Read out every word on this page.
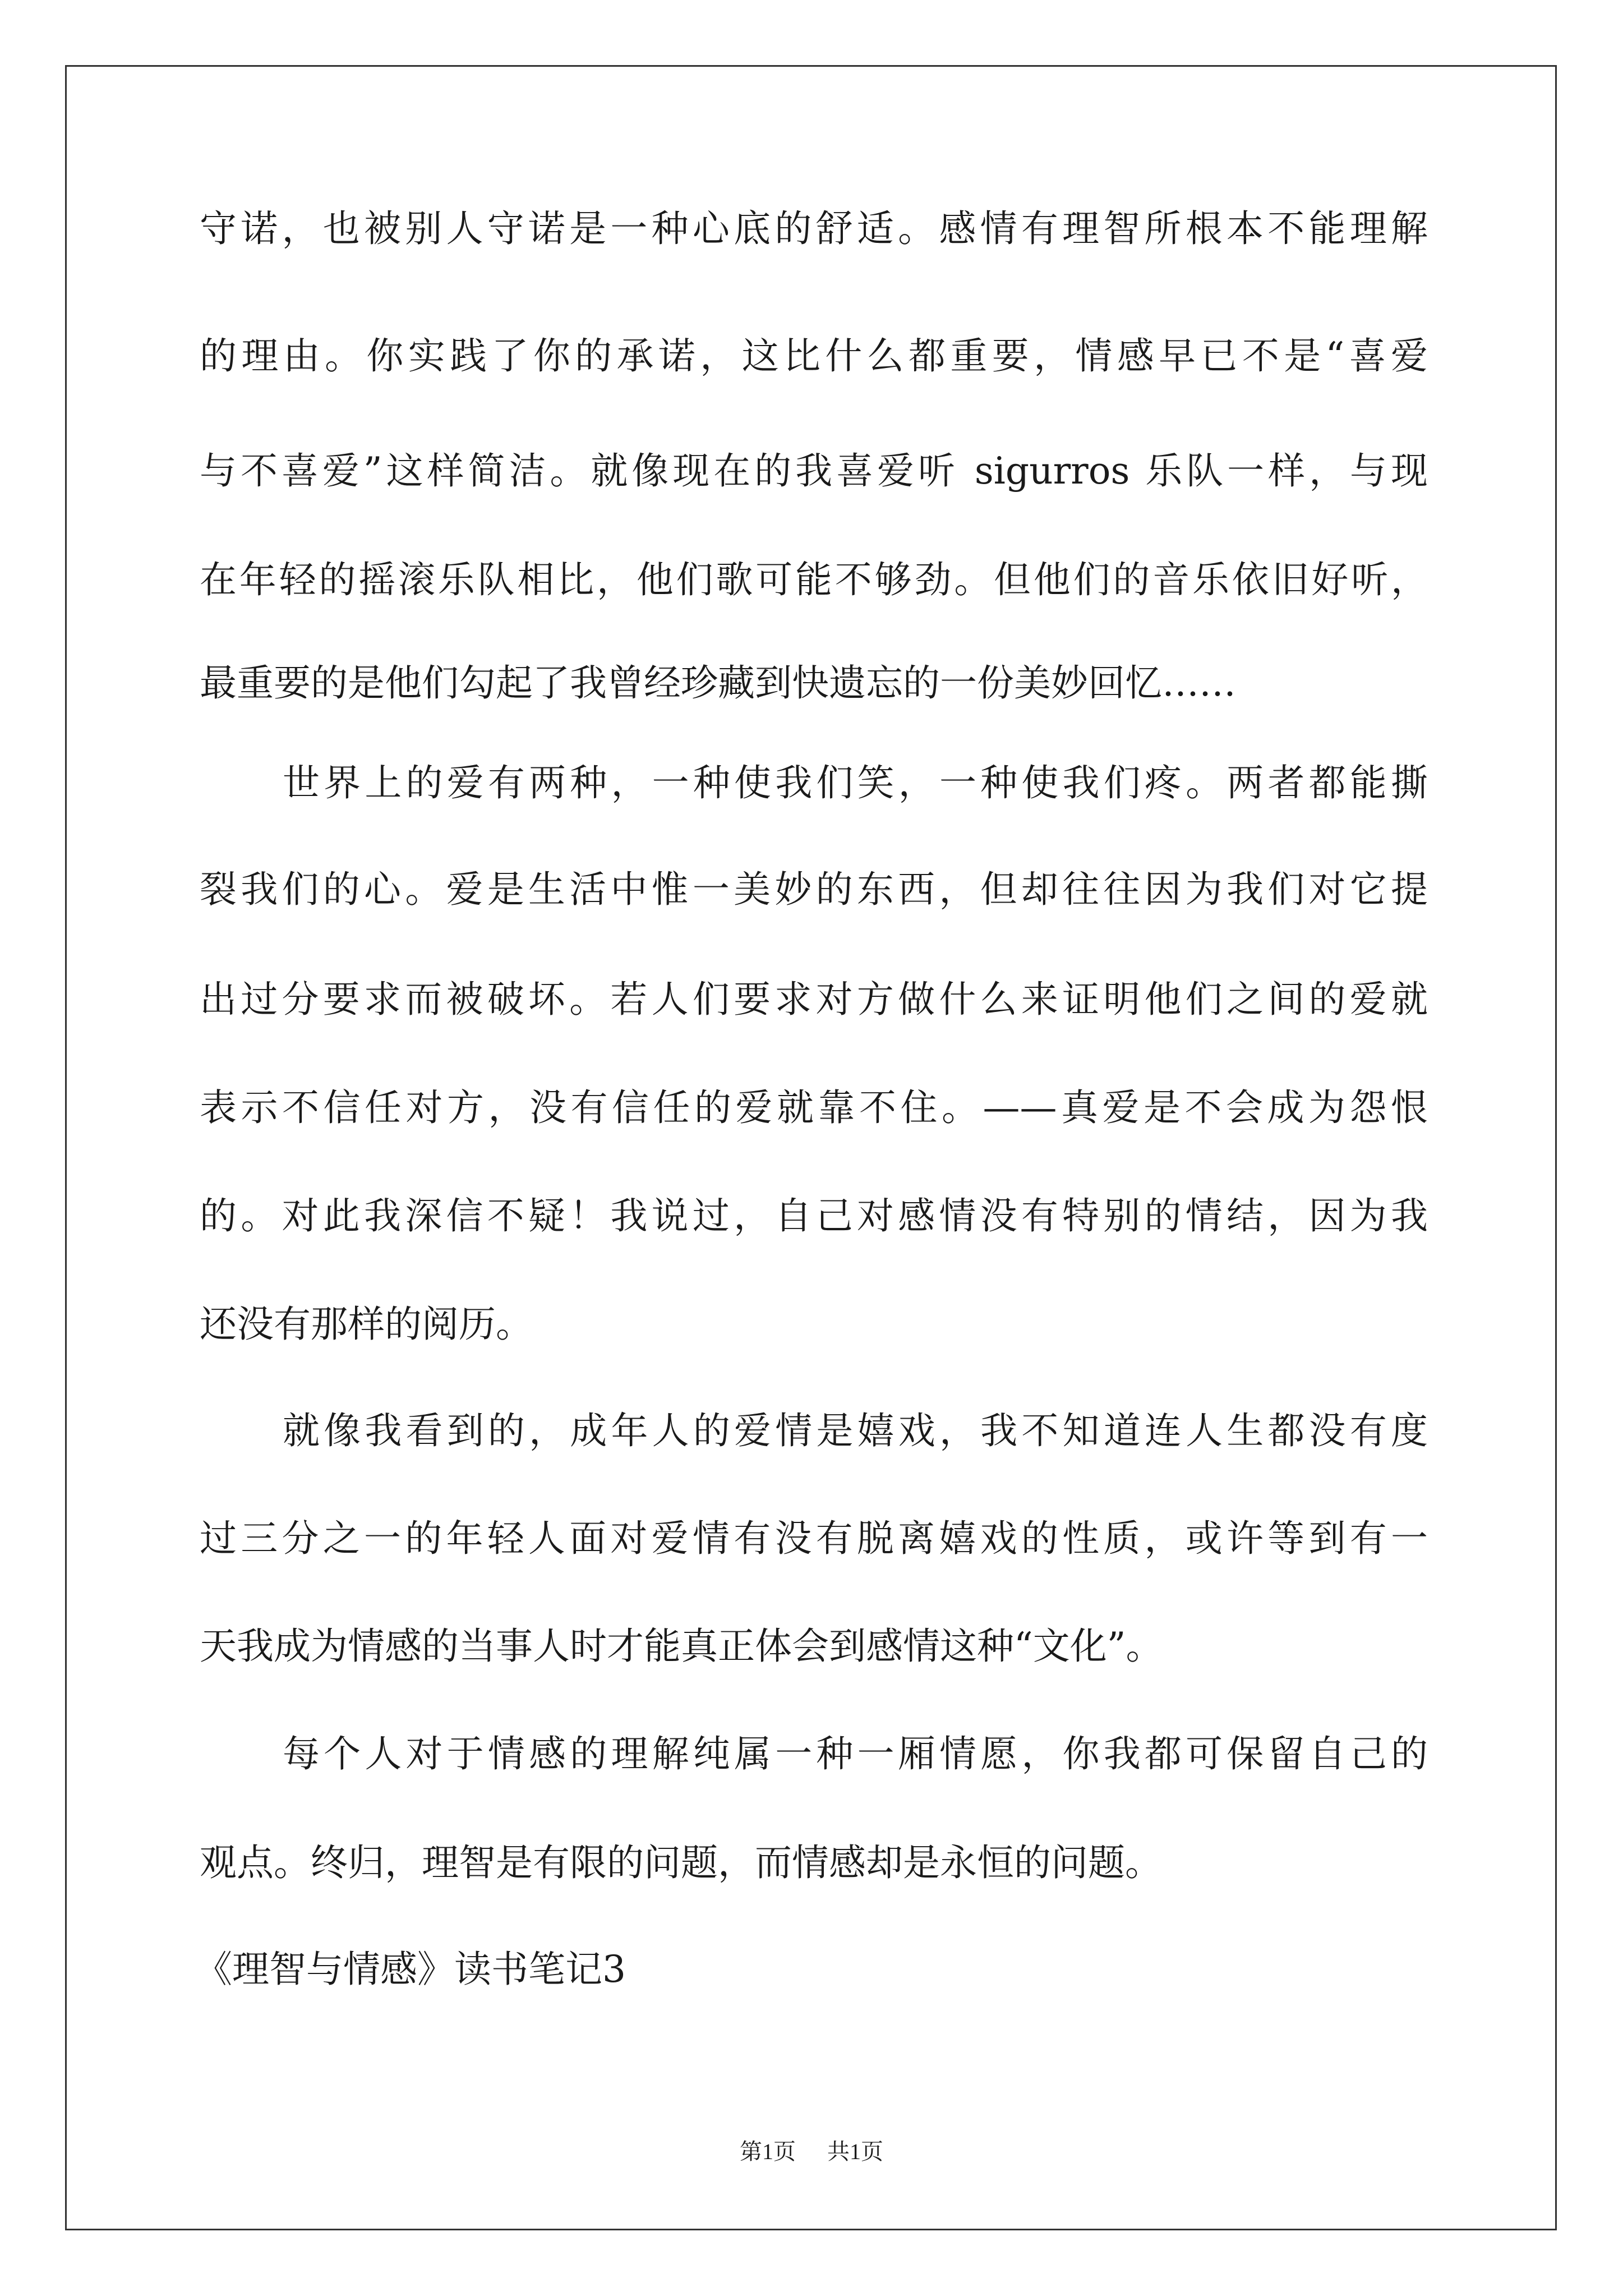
守诺，也被别人守诺是一种心底的舒适。感情有理智所根本不能理解
的理由。你实践了你的承诺，这比什么都重要，情感早已不是“喜爱
与不喜爱”这样简洁。就像现在的我喜爱听 sigurros 乐队一样，与现
在年轻的摇滚乐队相比，他们歌可能不够劲。但他们的音乐依旧好听，
最重要的是他们勾起了我曾经珍藏到快遗忘的一份美妙回忆……
世界上的爱有两种，一种使我们笑，一种使我们疼。两者都能撕
裂我们的心。爱是生活中惟一美妙的东西，但却往往因为我们对它提
出过分要求而被破坏。若人们要求对方做什么来证明他们之间的爱就
表示不信任对方，没有信任的爱就靠不住。——真爱是不会成为怨恨
的。对此我深信不疑！我说过，自己对感情没有特别的情结，因为我
还没有那样的阅历。
就像我看到的，成年人的爱情是嬉戏，我不知道连人生都没有度
过三分之一的年轻人面对爱情有没有脱离嬉戏的性质，或许等到有一
天我成为情感的当事人时才能真正体会到感情这种“文化”。
每个人对于情感的理解纯属一种一厢情愿，你我都可保留自己的
观点。终归，理智是有限的问题，而情感却是永恒的问题。
《理智与情感》读书笔记3
第1页 共1页
